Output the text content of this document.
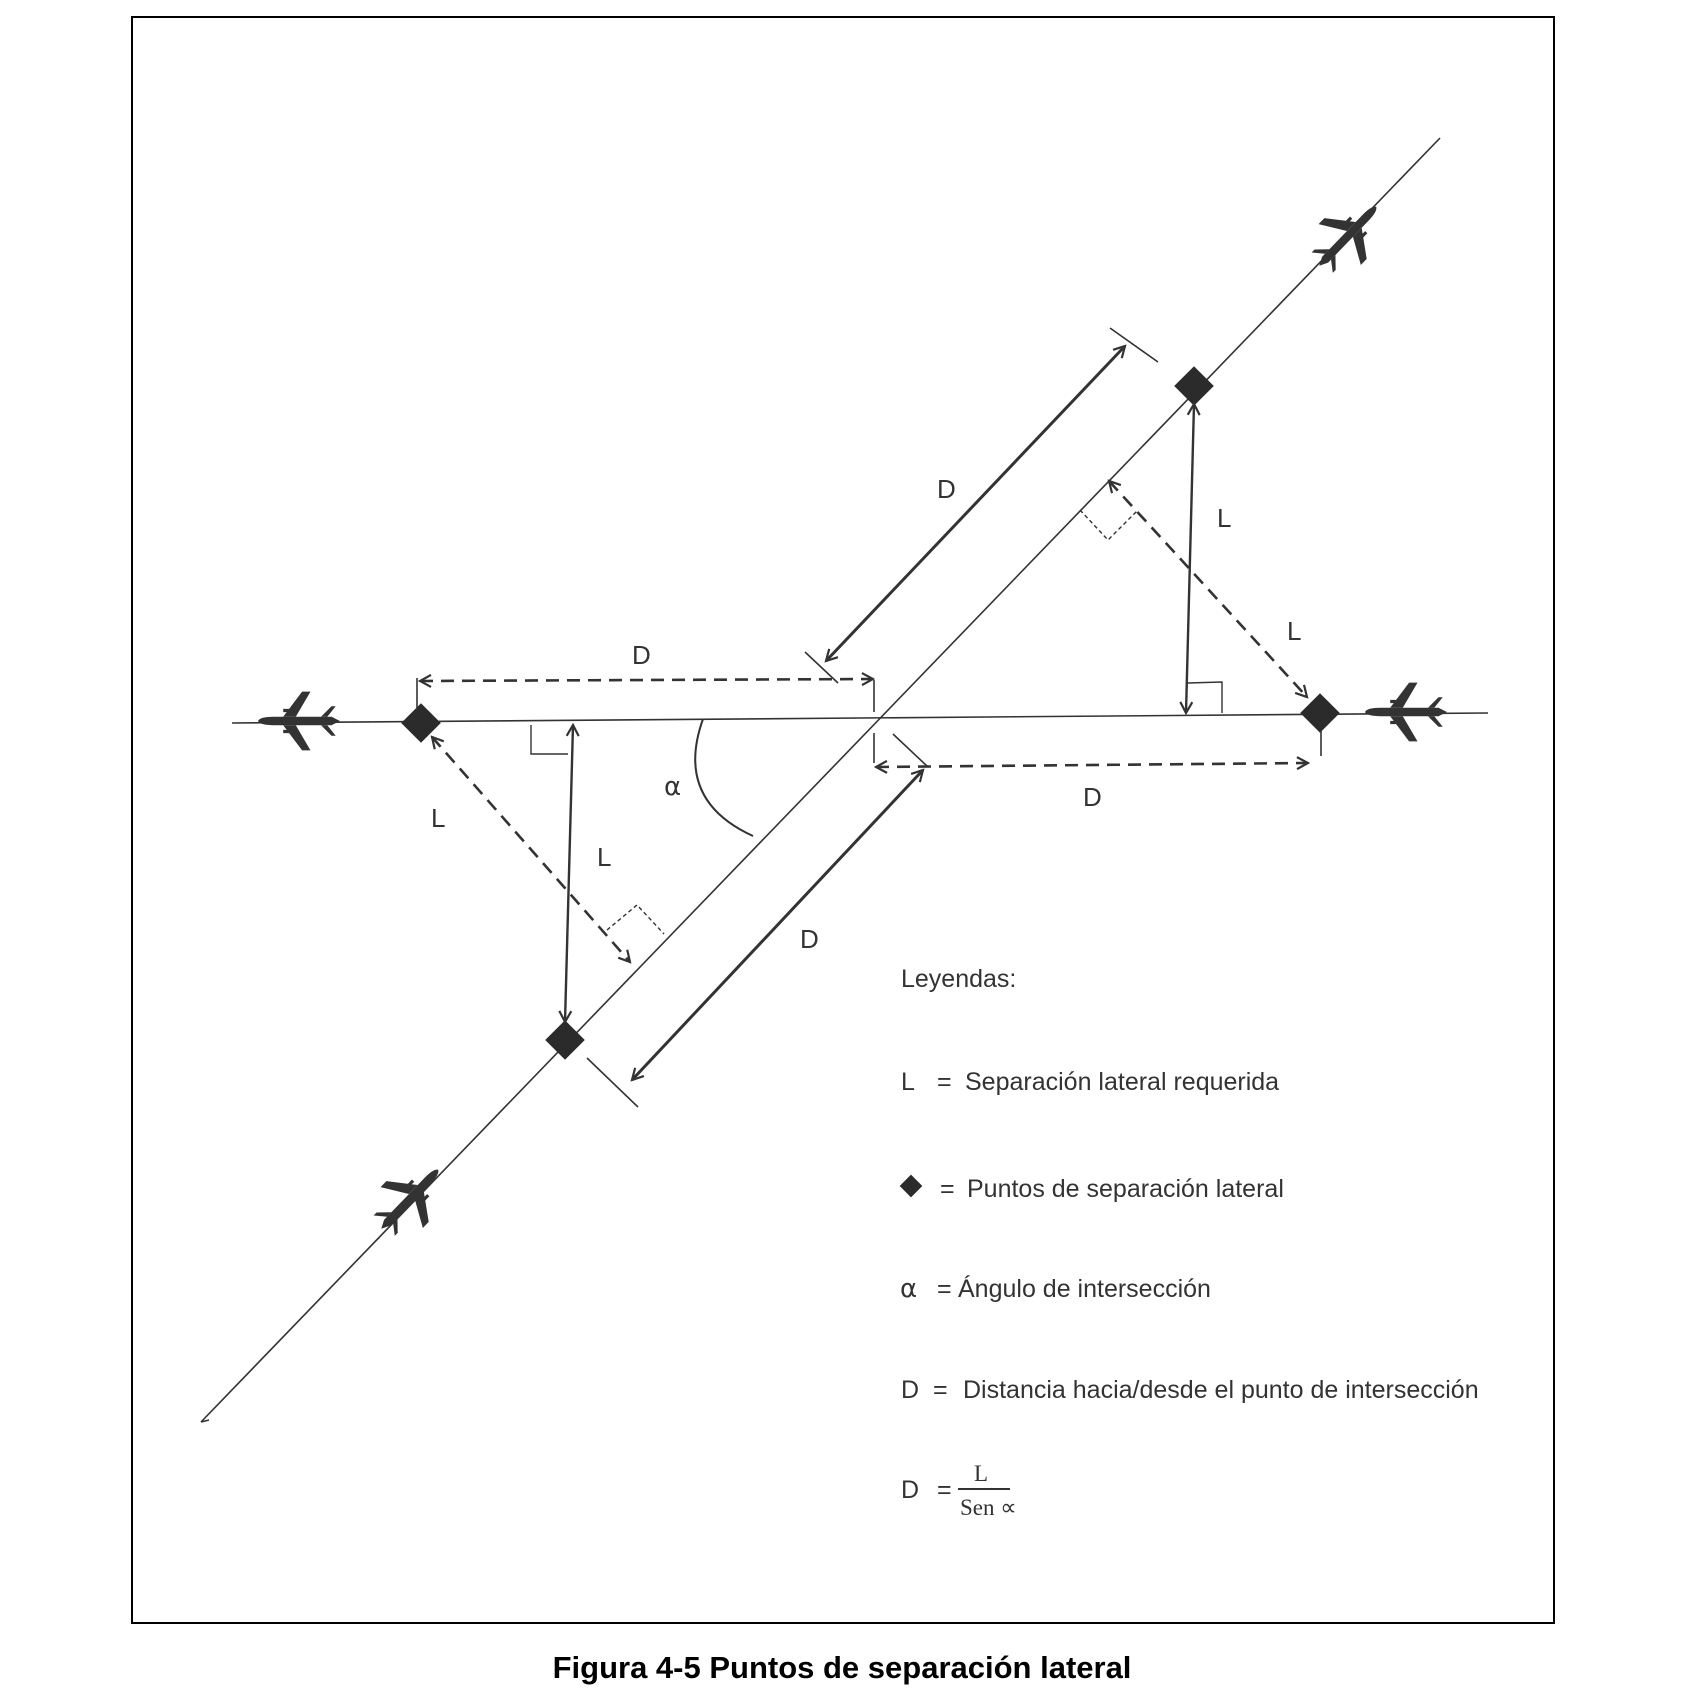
D
D
D
D
L
L
L
L
α
Leyendas:
L = Separación lateral requerida
= Puntos de separación lateral
α = Ángulo de intersección
D = Distancia hacia/desde el punto de intersección
D =
L
Sen ∝
Figura 4-5 Puntos de separación lateral
